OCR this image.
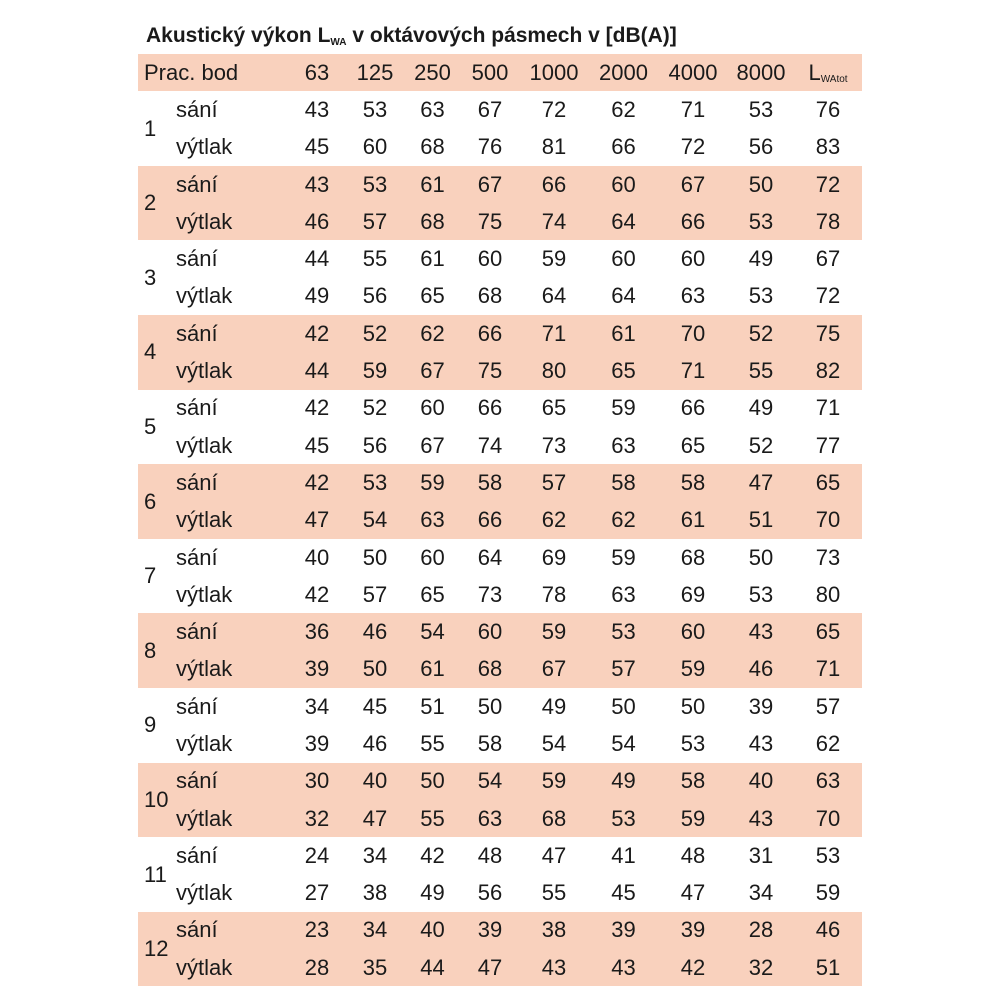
Akustický výkon LWA v oktávových pásmech v [dB(A)]
Prac. bod		63	125	250	500	1000	2000	4000	8000	LWAtot
1	sání	43	53	63	67	72	62	71	53	76
	výtlak	45	60	68	76	81	66	72	56	83
2	sání	43	53	61	67	66	60	67	50	72
	výtlak	46	57	68	75	74	64	66	53	78
3	sání	44	55	61	60	59	60	60	49	67
	výtlak	49	56	65	68	64	64	63	53	72
4	sání	42	52	62	66	71	61	70	52	75
	výtlak	44	59	67	75	80	65	71	55	82
5	sání	42	52	60	66	65	59	66	49	71
	výtlak	45	56	67	74	73	63	65	52	77
6	sání	42	53	59	58	57	58	58	47	65
	výtlak	47	54	63	66	62	62	61	51	70
7	sání	40	50	60	64	69	59	68	50	73
	výtlak	42	57	65	73	78	63	69	53	80
8	sání	36	46	54	60	59	53	60	43	65
	výtlak	39	50	61	68	67	57	59	46	71
9	sání	34	45	51	50	49	50	50	39	57
	výtlak	39	46	55	58	54	54	53	43	62
10	sání	30	40	50	54	59	49	58	40	63
	výtlak	32	47	55	63	68	53	59	43	70
11	sání	24	34	42	48	47	41	48	31	53
	výtlak	27	38	49	56	55	45	47	34	59
12	sání	23	34	40	39	38	39	39	28	46
	výtlak	28	35	44	47	43	43	42	32	51
